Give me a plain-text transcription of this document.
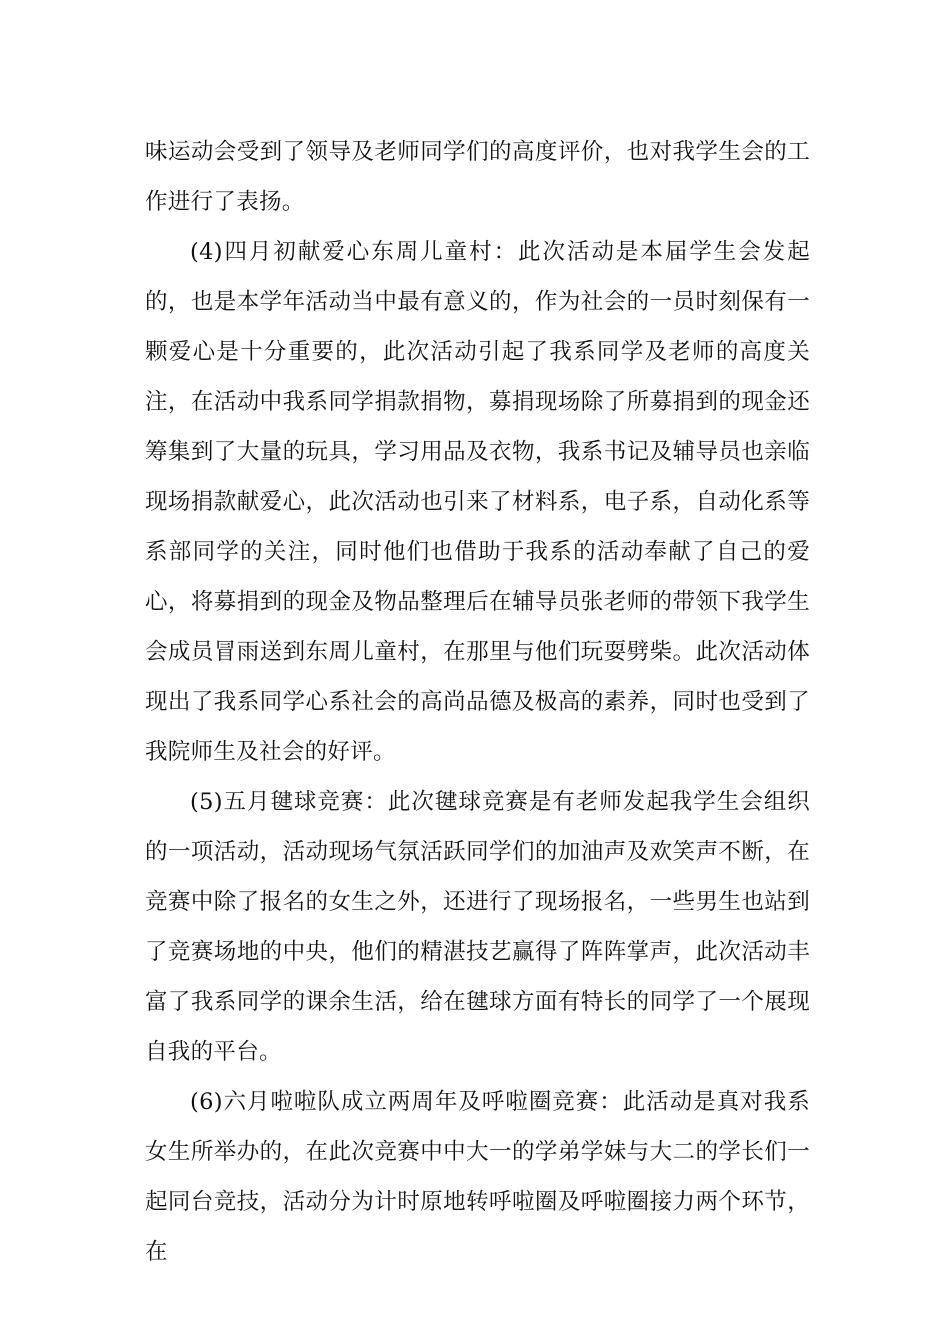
味运动会受到了领导及老师同学们的高度评价，也对我学生会的工作进行了表扬。

(4)四月初献爱心东周儿童村：此次活动是本届学生会发起的，也是本学年活动当中最有意义的，作为社会的一员时刻保有一颗爱心是十分重要的，此次活动引起了我系同学及老师的高度关注，在活动中我系同学捐款捐物，募捐现场除了所募捐到的现金还筹集到了大量的玩具，学习用品及衣物，我系书记及辅导员也亲临现场捐款献爱心，此次活动也引来了材料系，电子系，自动化系等系部同学的关注，同时他们也借助于我系的活动奉献了自己的爱心，将募捐到的现金及物品整理后在辅导员张老师的带领下我学生会成员冒雨送到东周儿童村，在那里与他们玩耍劈柴。此次活动体现出了我系同学心系社会的高尚品德及极高的素养，同时也受到了我院师生及社会的好评。

(5)五月毽球竞赛：此次毽球竞赛是有老师发起我学生会组织的一项活动，活动现场气氛活跃同学们的加油声及欢笑声不断，在竞赛中除了报名的女生之外，还进行了现场报名，一些男生也站到了竞赛场地的中央，他们的精湛技艺赢得了阵阵掌声，此次活动丰富了我系同学的课余生活，给在毽球方面有特长的同学了一个展现自我的平台。

(6)六月啦啦队成立两周年及呼啦圈竞赛：此活动是真对我系女生所举办的，在此次竞赛中中大一的学弟学妹与大二的学长们一起同台竞技，活动分为计时原地转呼啦圈及呼啦圈接力两个环节，在
